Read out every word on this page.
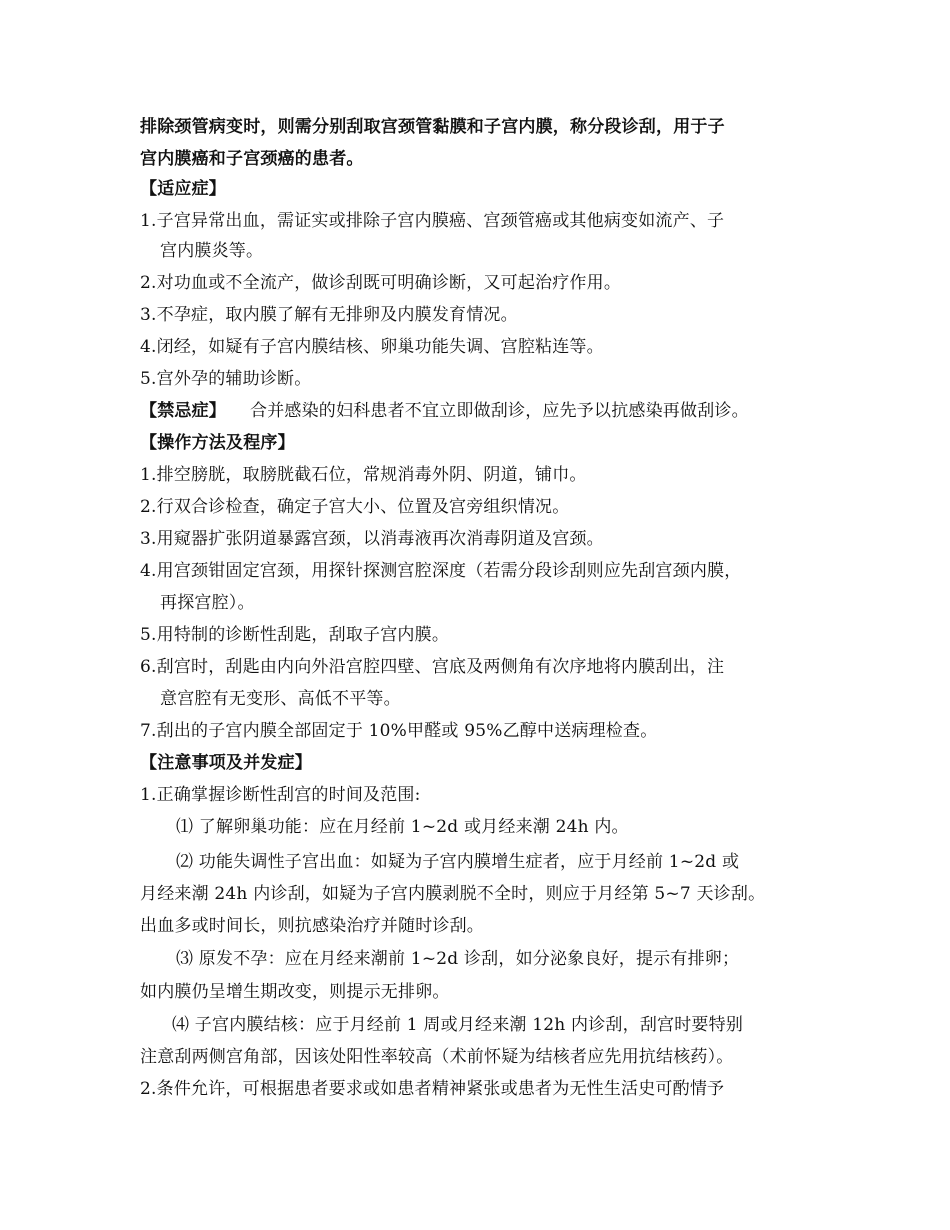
排除颈管病变时，则需分别刮取宫颈管黏膜和子宫内膜，称分段诊刮，用于子
宫内膜癌和子宫颈癌的患者。
【适应症】
1.子宫异常出血，需证实或排除子宫内膜癌、宫颈管癌或其他病变如流产、子
宫内膜炎等。
2.对功血或不全流产，做诊刮既可明确诊断，又可起治疗作用。
3.不孕症，取内膜了解有无排卵及内膜发育情况。
4.闭经，如疑有子宫内膜结核、卵巢功能失调、宫腔粘连等。
5.宫外孕的辅助诊断。
【禁忌症】 合并感染的妇科患者不宜立即做刮诊，应先予以抗感染再做刮诊。
【操作方法及程序】
1.排空膀胱，取膀胱截石位，常规消毒外阴、阴道，铺巾。
2.行双合诊检查，确定子宫大小、位置及宫旁组织情况。
3.用窥器扩张阴道暴露宫颈，以消毒液再次消毒阴道及宫颈。
4.用宫颈钳固定宫颈，用探针探测宫腔深度（若需分段诊刮则应先刮宫颈内膜，
再探宫腔）。
5.用特制的诊断性刮匙，刮取子宫内膜。
6.刮宫时，刮匙由内向外沿宫腔四壁、宫底及两侧角有次序地将内膜刮出，注
意宫腔有无变形、高低不平等。
7.刮出的子宫内膜全部固定于 10%甲醛或 95%乙醇中送病理检查。
【注意事项及并发症】
1.正确掌握诊断性刮宫的时间及范围:
⑴ 了解卵巢功能：应在月经前 1~2d 或月经来潮 24h 内。
⑵ 功能失调性子宫出血：如疑为子宫内膜增生症者，应于月经前 1~2d 或
月经来潮 24h 内诊刮，如疑为子宫内膜剥脱不全时，则应于月经第 5~7 天诊刮。
出血多或时间长，则抗感染治疗并随时诊刮。
⑶ 原发不孕：应在月经来潮前 1~2d 诊刮，如分泌象良好，提示有排卵；
如内膜仍呈增生期改变，则提示无排卵。
⑷ 子宫内膜结核：应于月经前 1 周或月经来潮 12h 内诊刮，刮宫时要特别
注意刮两侧宫角部，因该处阳性率较高（术前怀疑为结核者应先用抗结核药）。
2.条件允许，可根据患者要求或如患者精神紧张或患者为无性生活史可酌情予
